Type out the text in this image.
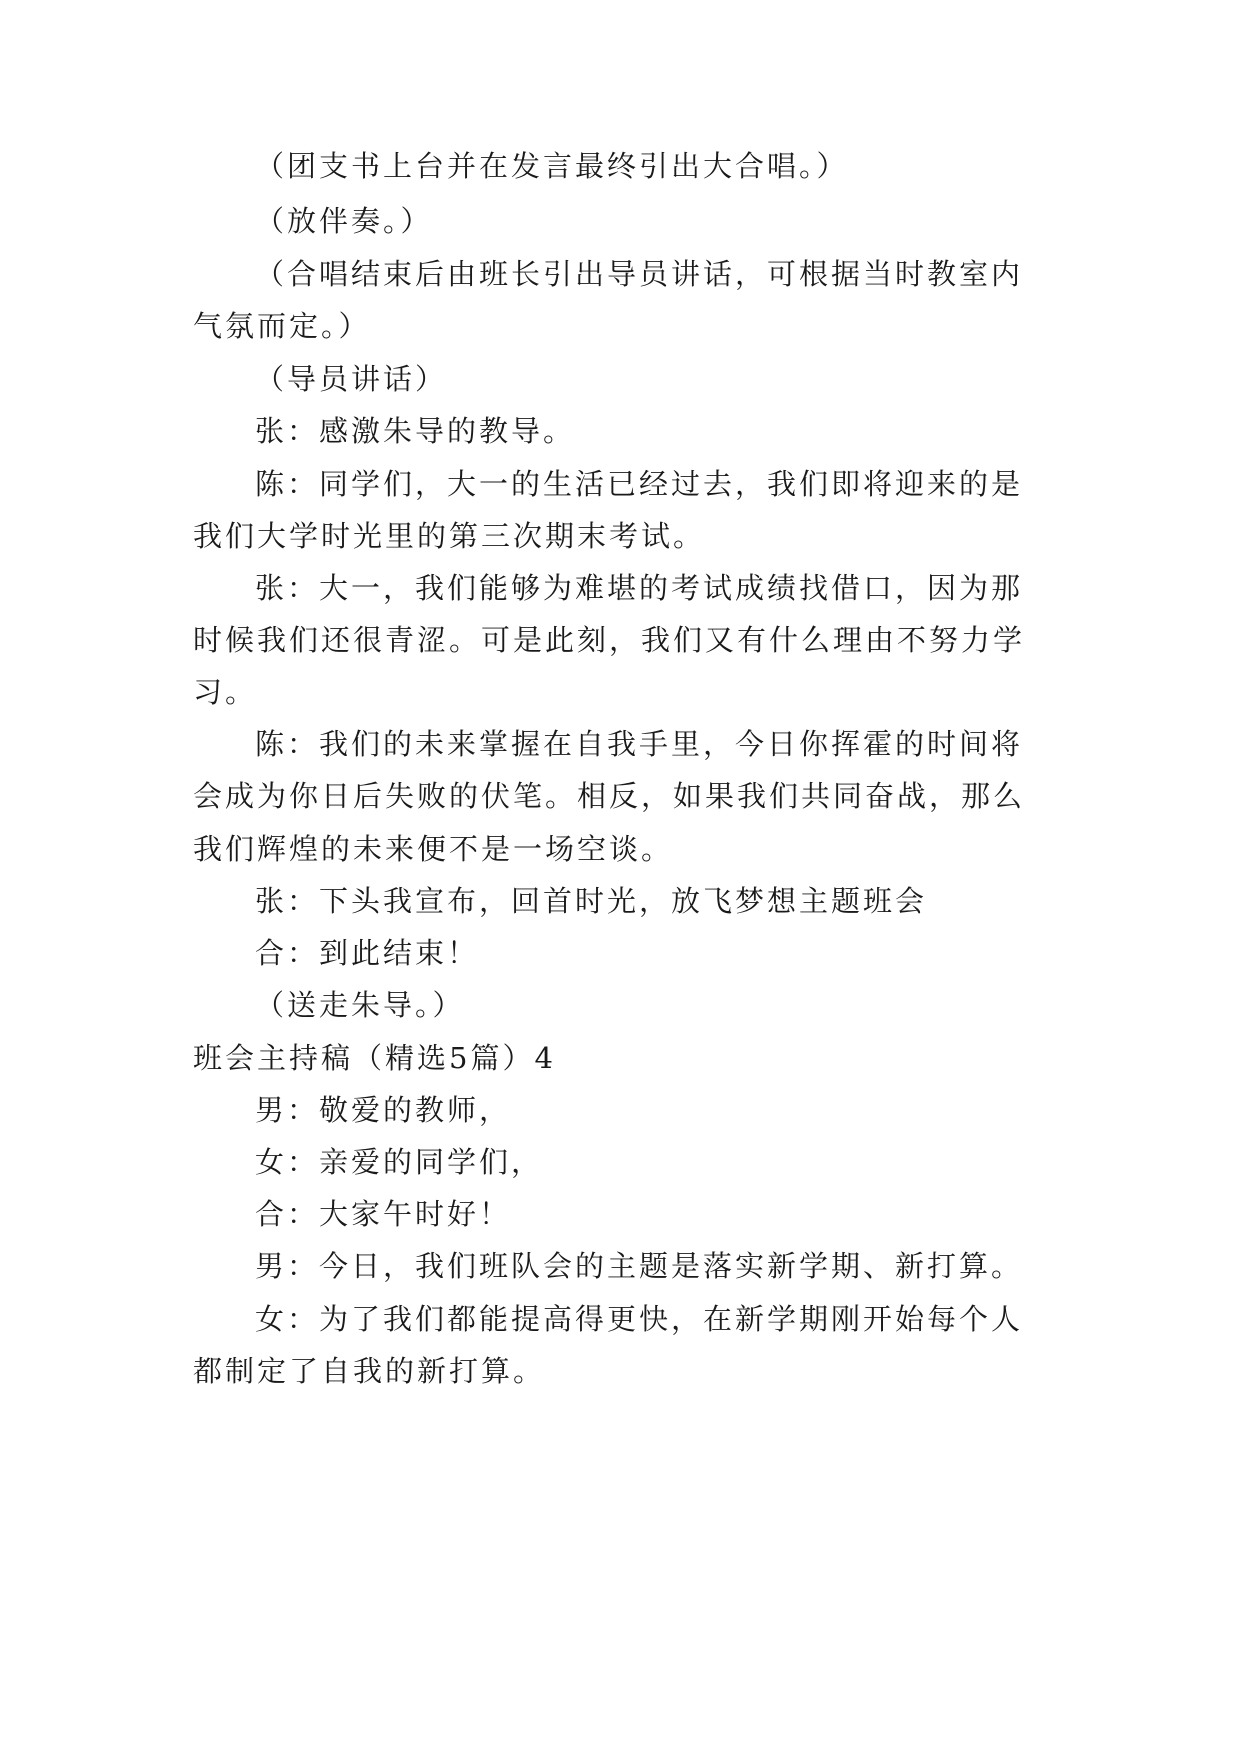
（团支书上台并在发言最终引出大合唱。）
（放伴奏。）
（合唱结束后由班长引出导员讲话，可根据当时教室内
气氛而定。）
（导员讲话）
张：感激朱导的教导。
陈：同学们，大一的生活已经过去，我们即将迎来的是
我们大学时光里的第三次期末考试。
张：大一，我们能够为难堪的考试成绩找借口，因为那
时候我们还很青涩。可是此刻，我们又有什么理由不努力学
习。
陈：我们的未来掌握在自我手里，今日你挥霍的时间将
会成为你日后失败的伏笔。相反，如果我们共同奋战，那么
我们辉煌的未来便不是一场空谈。
张：下头我宣布，回首时光，放飞梦想主题班会
合：到此结束！
（送走朱导。）
班会主持稿（精选5篇）4
男：敬爱的教师，
女：亲爱的同学们，
合：大家午时好！
男：今日，我们班队会的主题是落实新学期、新打算。
女：为了我们都能提高得更快，在新学期刚开始每个人
都制定了自我的新打算。
